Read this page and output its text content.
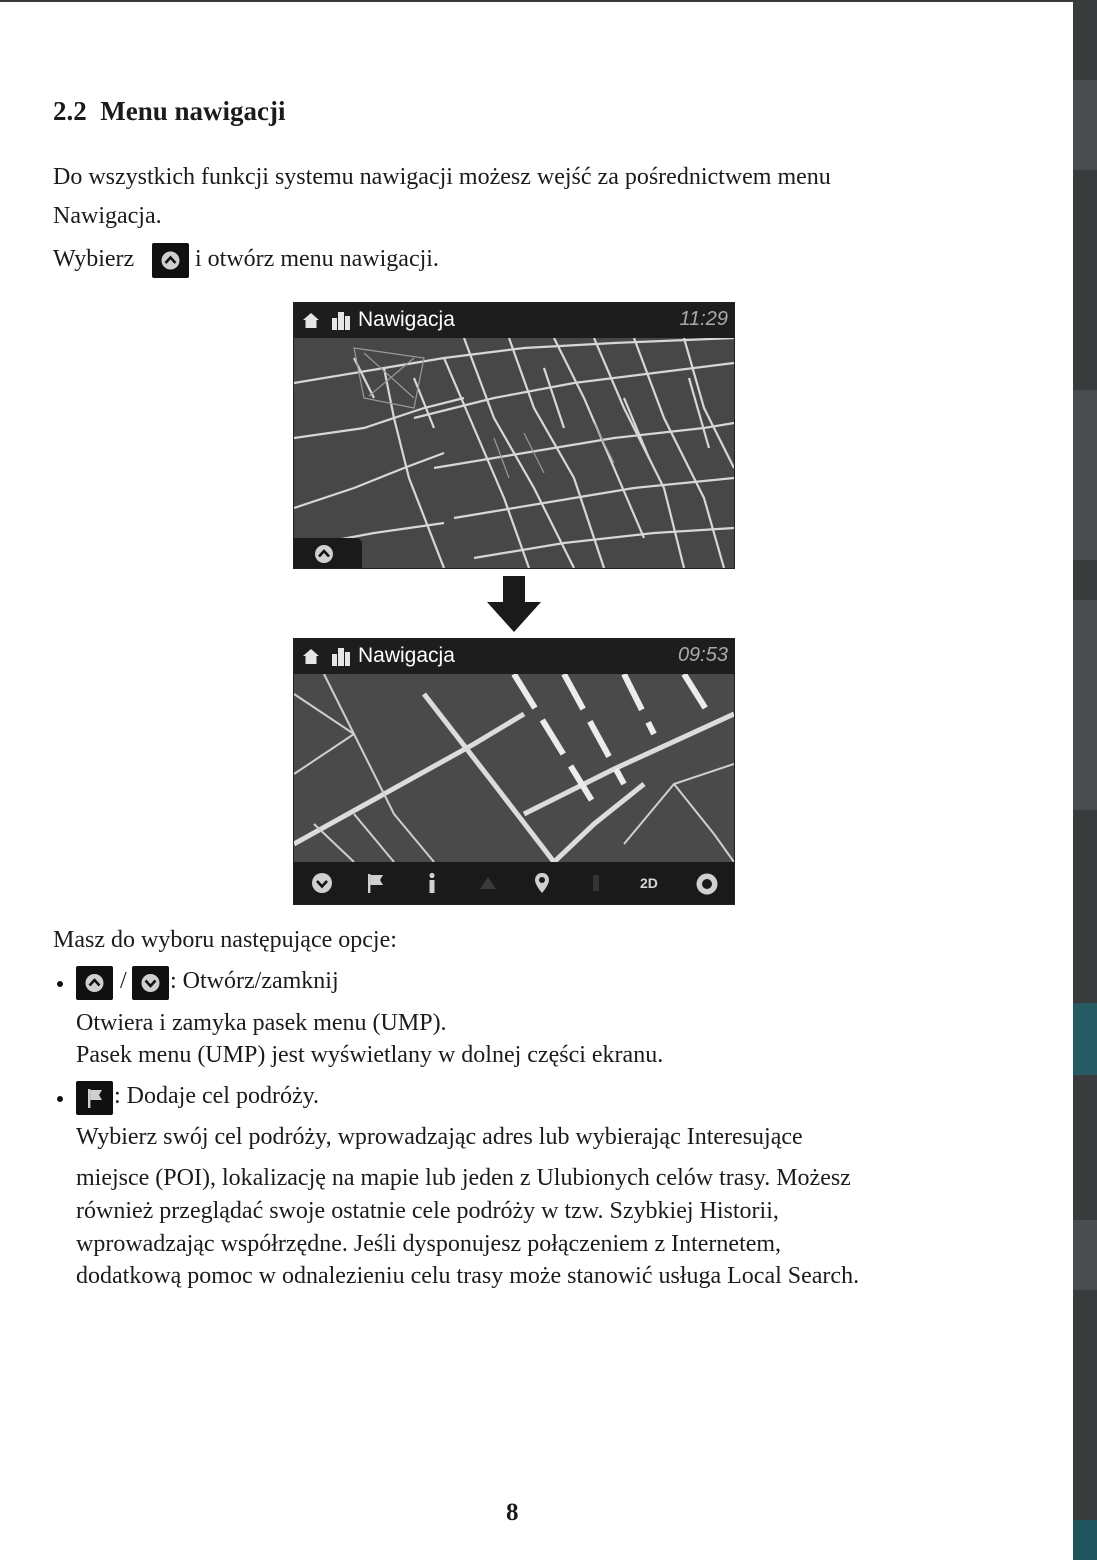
2.2 Menu nawigacji
Do wszystkich funkcji systemu nawigacji możesz wejść za pośrednictwem menu
Nawigacja.
Wybierz	i otwórz menu nawigacji.
Nawigacja	11:29
Nawigacja	09:53
2D
Masz do wyboru następujące opcje:
/ : Otwórz/zamknij
Otwiera i zamyka pasek menu (UMP).
Pasek menu (UMP) jest wyświetlany w dolnej części ekranu.
: Dodaje cel podróży.
Wybierz swój cel podróży, wprowadzając adres lub wybierając Interesujące
miejsce (POI), lokalizację na mapie lub jeden z Ulubionych celów trasy. Możesz
również przeglądać swoje ostatnie cele podróży w tzw. Szybkiej Historii,
wprowadzając współrzędne. Jeśli dysponujesz połączeniem z Internetem,
dodatkową pomoc w odnalezieniu celu trasy może stanowić usługa Local Search.
8
